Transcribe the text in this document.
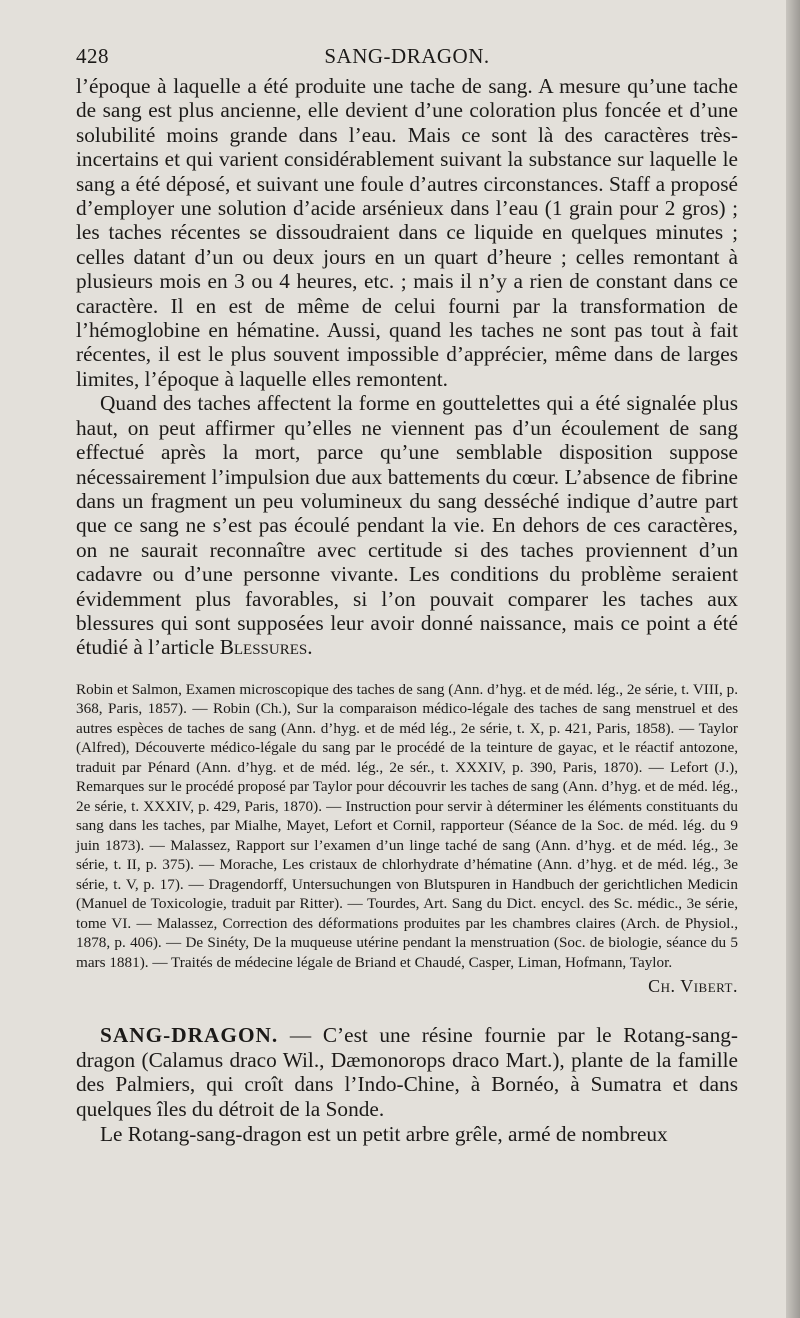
428	SANG-DRAGON.

l’époque à laquelle a été produite une tache de sang. A mesure qu’une tache de sang est plus ancienne, elle devient d’une coloration plus foncée et d’une solubilité moins grande dans l’eau. Mais ce sont là des caractères très-incertains et qui varient considérablement suivant la substance sur laquelle le sang a été déposé, et suivant une foule d’autres circonstances. Staff a proposé d’employer une solution d’acide arsénieux dans l’eau (1 grain pour 2 gros) ; les taches récentes se dissoudraient dans ce liquide en quelques minutes ; celles datant d’un ou deux jours en un quart d’heure ; celles remontant à plusieurs mois en 3 ou 4 heures, etc. ; mais il n’y a rien de constant dans ce caractère. Il en est de même de celui fourni par la transformation de l’hémoglobine en hématine. Aussi, quand les taches ne sont pas tout à fait récentes, il est le plus souvent impossible d’apprécier, même dans de larges limites, l’époque à laquelle elles remontent.

Quand des taches affectent la forme en gouttelettes qui a été signalée plus haut, on peut affirmer qu’elles ne viennent pas d’un écoulement de sang effectué après la mort, parce qu’une semblable disposition suppose nécessairement l’impulsion due aux battements du cœur. L’absence de fibrine dans un fragment un peu volumineux du sang desséché indique d’autre part que ce sang ne s’est pas écoulé pendant la vie. En dehors de ces caractères, on ne saurait reconnaître avec certitude si des taches proviennent d’un cadavre ou d’une personne vivante. Les conditions du problème seraient évidemment plus favorables, si l’on pouvait comparer les taches aux blessures qui sont supposées leur avoir donné naissance, mais ce point a été étudié à l’article Blessures.

Robin et Salmon, Examen microscopique des taches de sang (Ann. d’hyg. et de méd. lég., 2e série, t. VIII, p. 368, Paris, 1857). — Robin (Ch.), Sur la comparaison médico-légale des taches de sang menstruel et des autres espèces de taches de sang (Ann. d’hyg. et de méd lég., 2e série, t. X, p. 421, Paris, 1858). — Taylor (Alfred), Découverte médico-légale du sang par le procédé de la teinture de gayac, et le réactif antozone, traduit par Pénard (Ann. d’hyg. et de méd. lég., 2e sér., t. XXXIV, p. 390, Paris, 1870). — Lefort (J.), Remarques sur le procédé proposé par Taylor pour découvrir les taches de sang (Ann. d’hyg. et de méd. lég., 2e série, t. XXXIV, p. 429, Paris, 1870). — Instruction pour servir à déterminer les éléments constituants du sang dans les taches, par Mialhe, Mayet, Lefort et Cornil, rapporteur (Séance de la Soc. de méd. lég. du 9 juin 1873). — Malassez, Rapport sur l’examen d’un linge taché de sang (Ann. d’hyg. et de méd. lég., 3e série, t. II, p. 375). — Morache, Les cristaux de chlorhydrate d’hématine (Ann. d’hyg. et de méd. lég., 3e série, t. V, p. 17). — Dragendorff, Untersuchungen von Blutspuren in Handbuch der gerichtlichen Medicin (Manuel de Toxicologie, traduit par Ritter). — Tourdes, Art. Sang du Dict. encycl. des Sc. médic., 3e série, tome VI. — Malassez, Correction des déformations produites par les chambres claires (Arch. de Physiol., 1878, p. 406). — De Sinéty, De la muqueuse utérine pendant la menstruation (Soc. de biologie, séance du 5 mars 1881). — Traités de médecine légale de Briand et Chaudé, Casper, Liman, Hofmann, Taylor.
Ch. Vibert.

SANG-DRAGON. — C’est une résine fournie par le Rotang-sang-dragon (Calamus draco Wil., Dæmonorops draco Mart.), plante de la famille des Palmiers, qui croît dans l’Indo-Chine, à Bornéo, à Sumatra et dans quelques îles du détroit de la Sonde.

Le Rotang-sang-dragon est un petit arbre grêle, armé de nombreux
